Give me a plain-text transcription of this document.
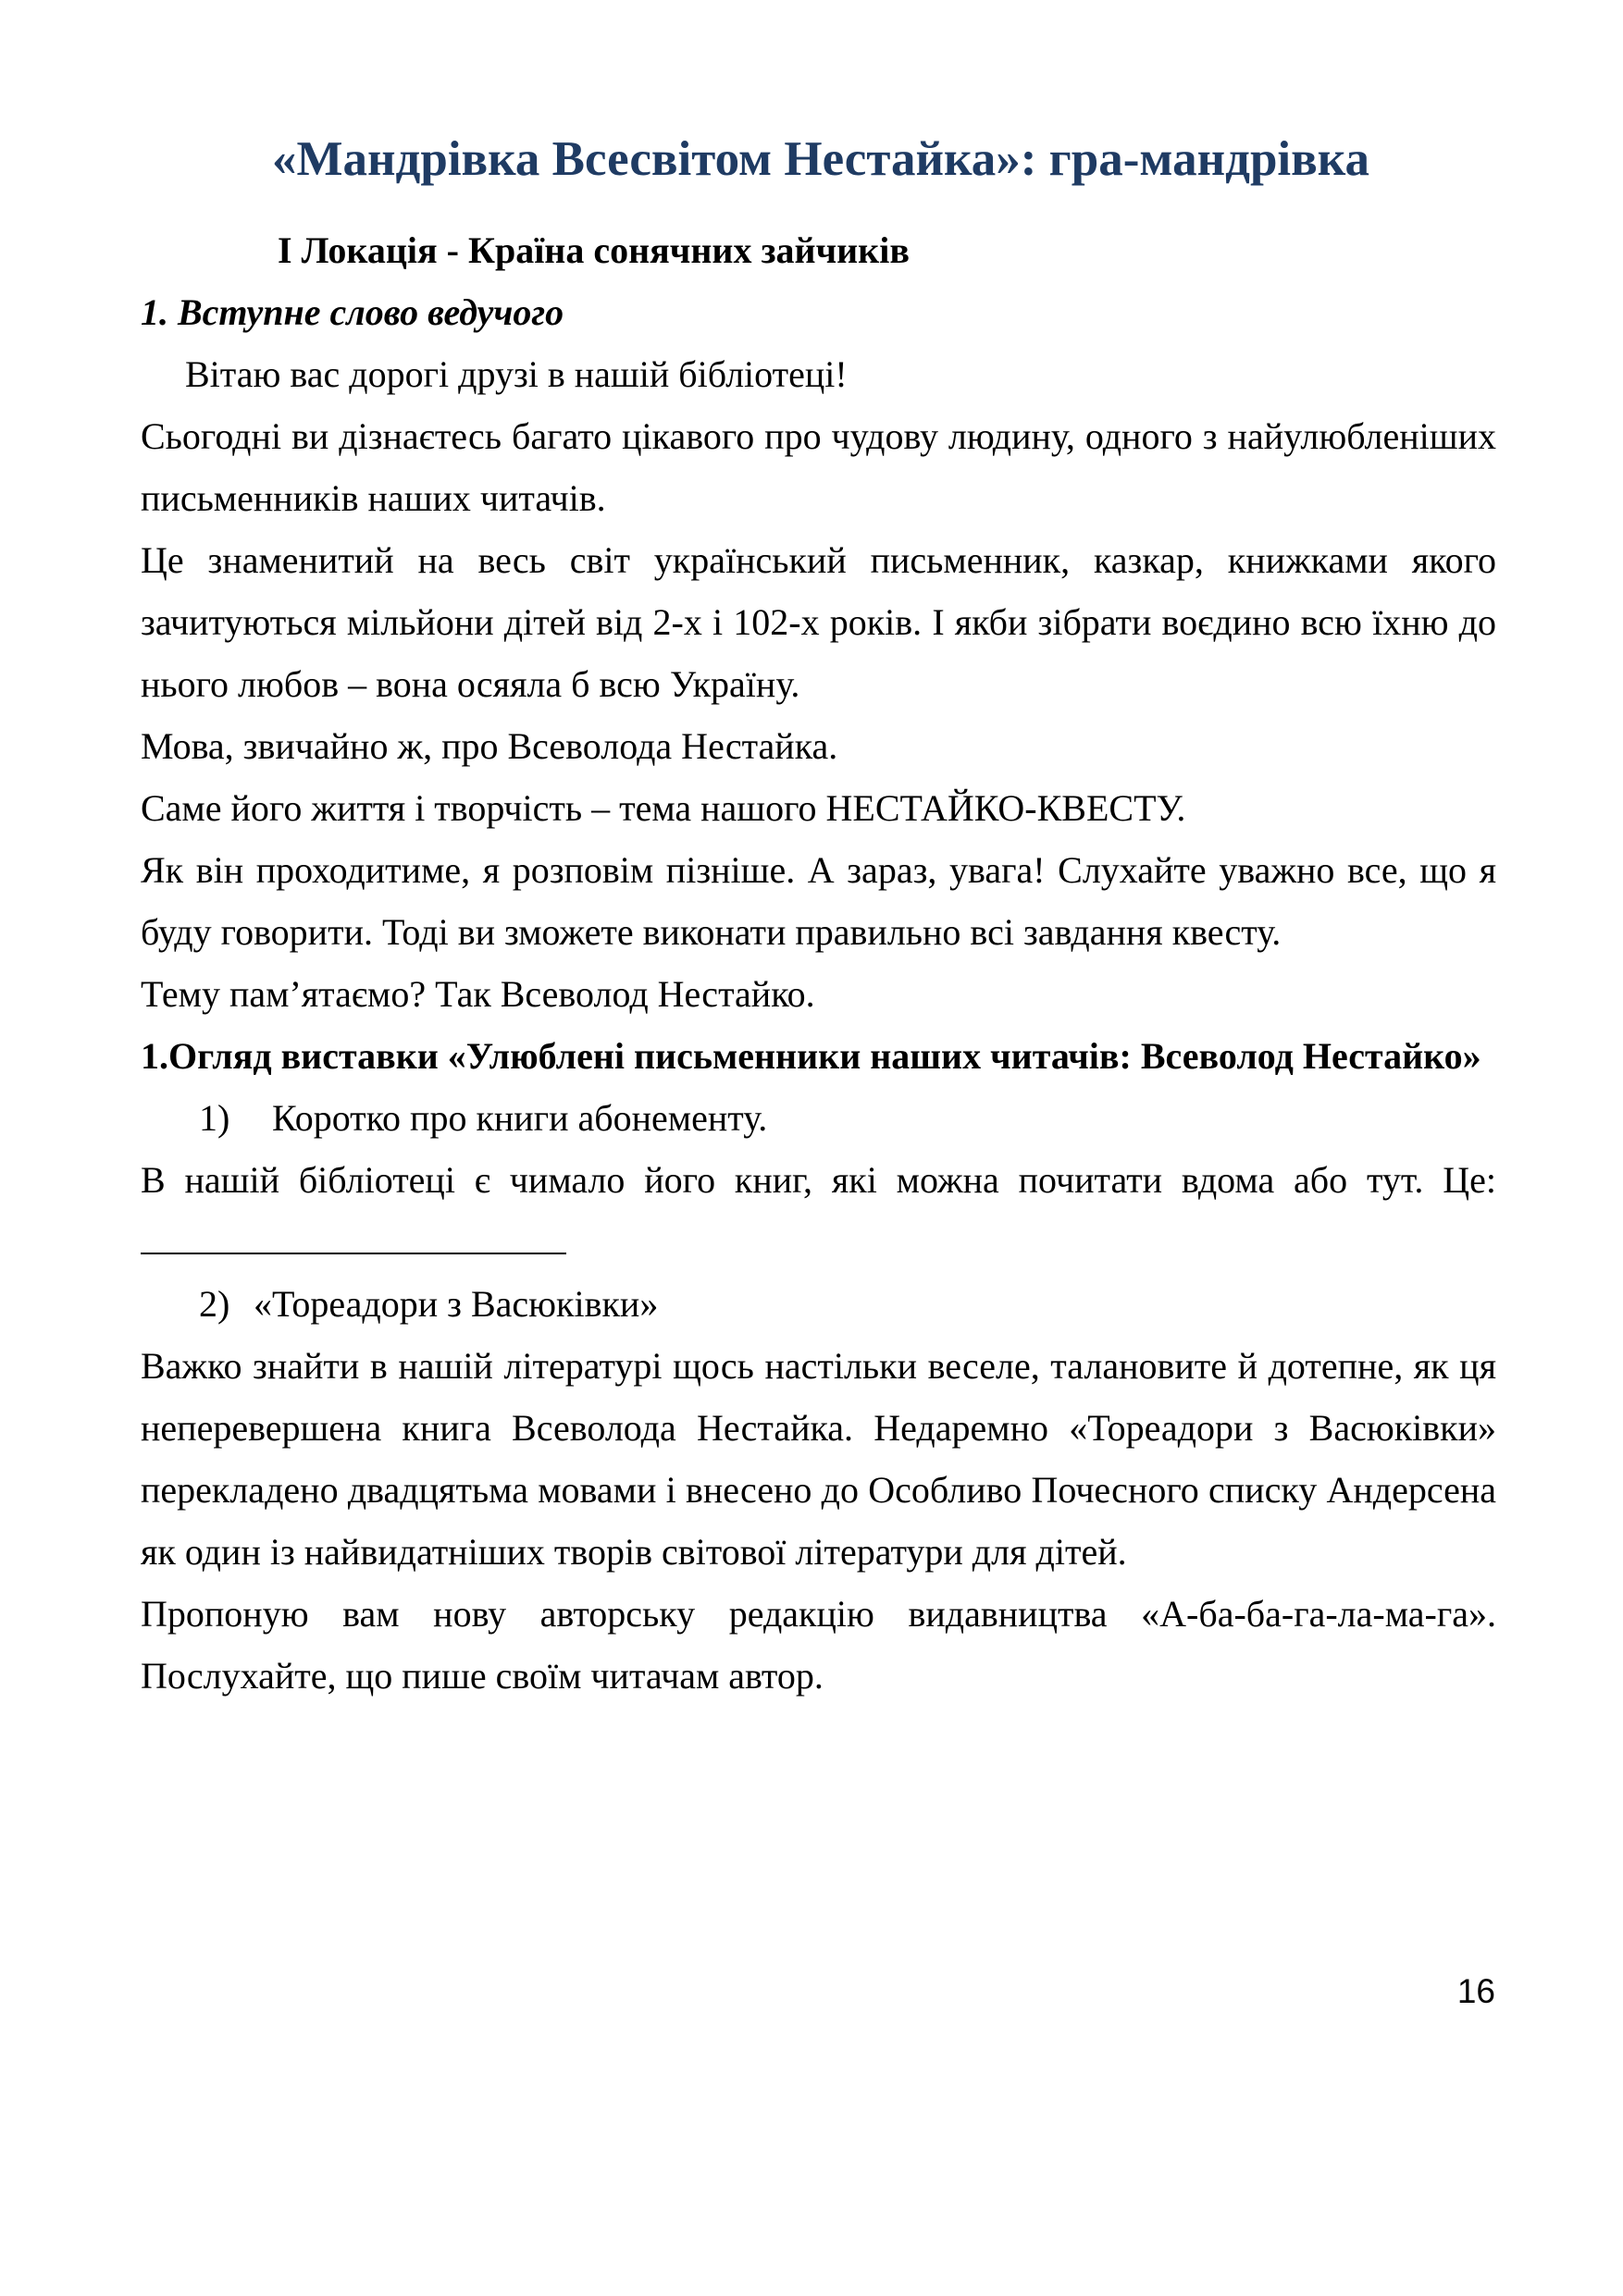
«Мандрівка Всесвітом Нестайка»: гра-мандрівка

І Локація - Країна сонячних зайчиків

1. Вступне слово ведучого

Вітаю вас дорогі друзі в нашій бібліотеці!

Сьогодні ви дізнаєтесь багато цікавого про чудову людину, одного з найулюбленіших письменників наших читачів.

Це знаменитий на весь світ український письменник, казкар, книжками якого зачитуються мільйони дітей від 2-х і 102-х років. І якби зібрати воєдино всю їхню до нього любов – вона осяяла б всю Україну.

Мова, звичайно ж, про Всеволода Нестайка.

Саме його життя і творчість – тема нашого НЕСТАЙКО-КВЕСТУ.

Як він проходитиме, я розповім пізніше. А зараз, увага! Слухайте уважно все, що я буду говорити. Тоді ви зможете виконати правильно всі завдання квесту.

Тему пам’ятаємо? Так Всеволод Нестайко.

1.Огляд виставки «Улюблені письменники наших читачів: Всеволод Нестайко»

1) Коротко про книги абонементу.

В нашій бібліотеці є чимало його книг, які можна почитати вдома або тут. Це:

2) «Тореадори з Васюківки»

Важко знайти в нашій літературі щось настільки веселе, талановите й дотепне, як ця неперевершена книга Всеволода Нестайка. Недаремно «Тореадори з Васюківки» перекладено двадцятьма мовами і внесено до Особливо Почесного списку Андерсена як один із найвидатніших творів світової літератури для дітей.

Пропоную вам нову авторську редакцію видавництва «А-ба-ба-га-ла-ма-га». Послухайте, що пише своїм читачам автор.

16
